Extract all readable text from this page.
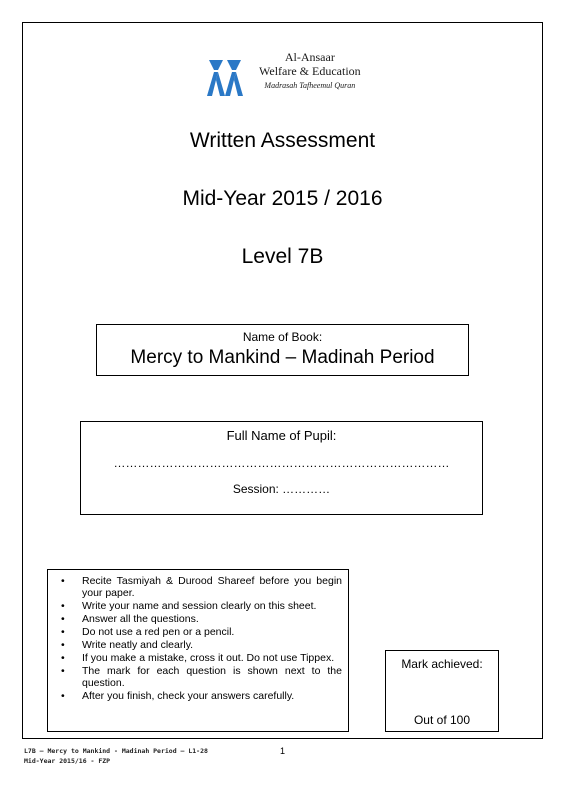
Al-Ansaar
Welfare & Education
Madrasah Tafheemul Quran
Written Assessment
Mid-Year 2015 / 2016
Level 7B
Name of Book:
Mercy to Mankind – Madinah Period
Full Name of Pupil:
…………………………………………………………………………
Session: …………
• Recite Tasmiyah & Durood Shareef before you begin your paper.
• Write your name and session clearly on this sheet.
• Answer all the questions.
• Do not use a red pen or a pencil.
• Write neatly and clearly.
• If you make a mistake, cross it out. Do not use Tippex.
• The mark for each question is shown next to the question.
• After you finish, check your answers carefully.
Mark achieved:
Out of 100
L7B – Mercy to Mankind - Madinah Period – L1-28
Mid-Year 2015/16 - FZP
1
